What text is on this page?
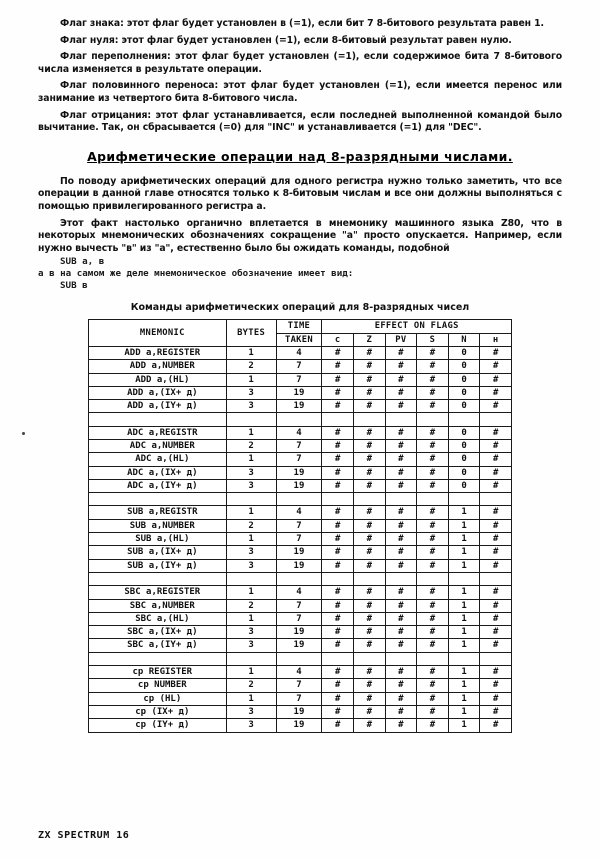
Флаг знака: этот флаг будет установлен в (=1), если бит 7 8-битового результата равен 1.

Флаг нуля: этот флаг будет установлен (=1), если 8-битовый результат равен нулю.

Флаг переполнения: этот флаг будет установлен (=1), если содержимое бита 7 8-битового числа изменяется в результате операции.

Флаг половинного переноса: этот флаг будет установлен (=1), если имеется перенос или занимание из четвертого бита 8-битового числа.

Флаг отрицания: этот флаг устанавливается, если последней выполненной командой было вычитание. Так, он сбрасывается (=0) для "INC" и устанавливается (=1) для "DEC".

Арифметические операции над 8-разрядными числами.

По поводу арифметических операций для одного регистра нужно только заметить, что все операции в данной главе относятся только к 8-битовым числам и все они должны выполняться с помощью привилегированного регистра а.

Этот факт настолько органично вплетается в мнемонику машинного языка Z80, что в некоторых мнемонических обозначениях сокращение "а" просто опускается. Например, если нужно вычесть "в" из "а", естественно было бы ожидать команды, подобной

SUB a, в

а в на самом же деле мнемоническое обозначение имеет вид:

SUB в

Команды арифметических операций для 8-разрядных чисел

MNEMONIC	BYTES	TIME	EFFECT ON FLAGS					
		TAKEN	с	Z	PV	S	N	н
ADD a,REGISTER	1	4	#	#	#	#	0	#
ADD a,NUMBER	2	7	#	#	#	#	0	#
ADD a,(HL)	1	7	#	#	#	#	0	#
ADD a,(IX+ д)	3	19	#	#	#	#	0	#
ADD a,(IY+ д)	3	19	#	#	#	#	0	#

ADC a,REGISTR	1	4	#	#	#	#	0	#
ADC a,NUMBER	2	7	#	#	#	#	0	#
ADC a,(HL)	1	7	#	#	#	#	0	#
ADC a,(IX+ д)	3	19	#	#	#	#	0	#
ADC a,(IY+ д)	3	19	#	#	#	#	0	#

SUB a,REGISTR	1	4	#	#	#	#	1	#
SUB a,NUMBER	2	7	#	#	#	#	1	#
SUB a,(HL)	1	7	#	#	#	#	1	#
SUB a,(IX+ д)	3	19	#	#	#	#	1	#
SUB a,(IY+ д)	3	19	#	#	#	#	1	#

SBC a,REGISTER	1	4	#	#	#	#	1	#
SBC a,NUMBER	2	7	#	#	#	#	1	#
SBC a,(HL)	1	7	#	#	#	#	1	#
SBC a,(IX+ д)	3	19	#	#	#	#	1	#
SBC a,(IY+ д)	3	19	#	#	#	#	1	#

cp REGISTER	1	4	#	#	#	#	1	#
cp NUMBER	2	7	#	#	#	#	1	#
cp (HL)	1	7	#	#	#	#	1	#
cp (IX+ д)	3	19	#	#	#	#	1	#
cp (IY+ д)	3	19	#	#	#	#	1	#
ZX SPECTRUM 16
